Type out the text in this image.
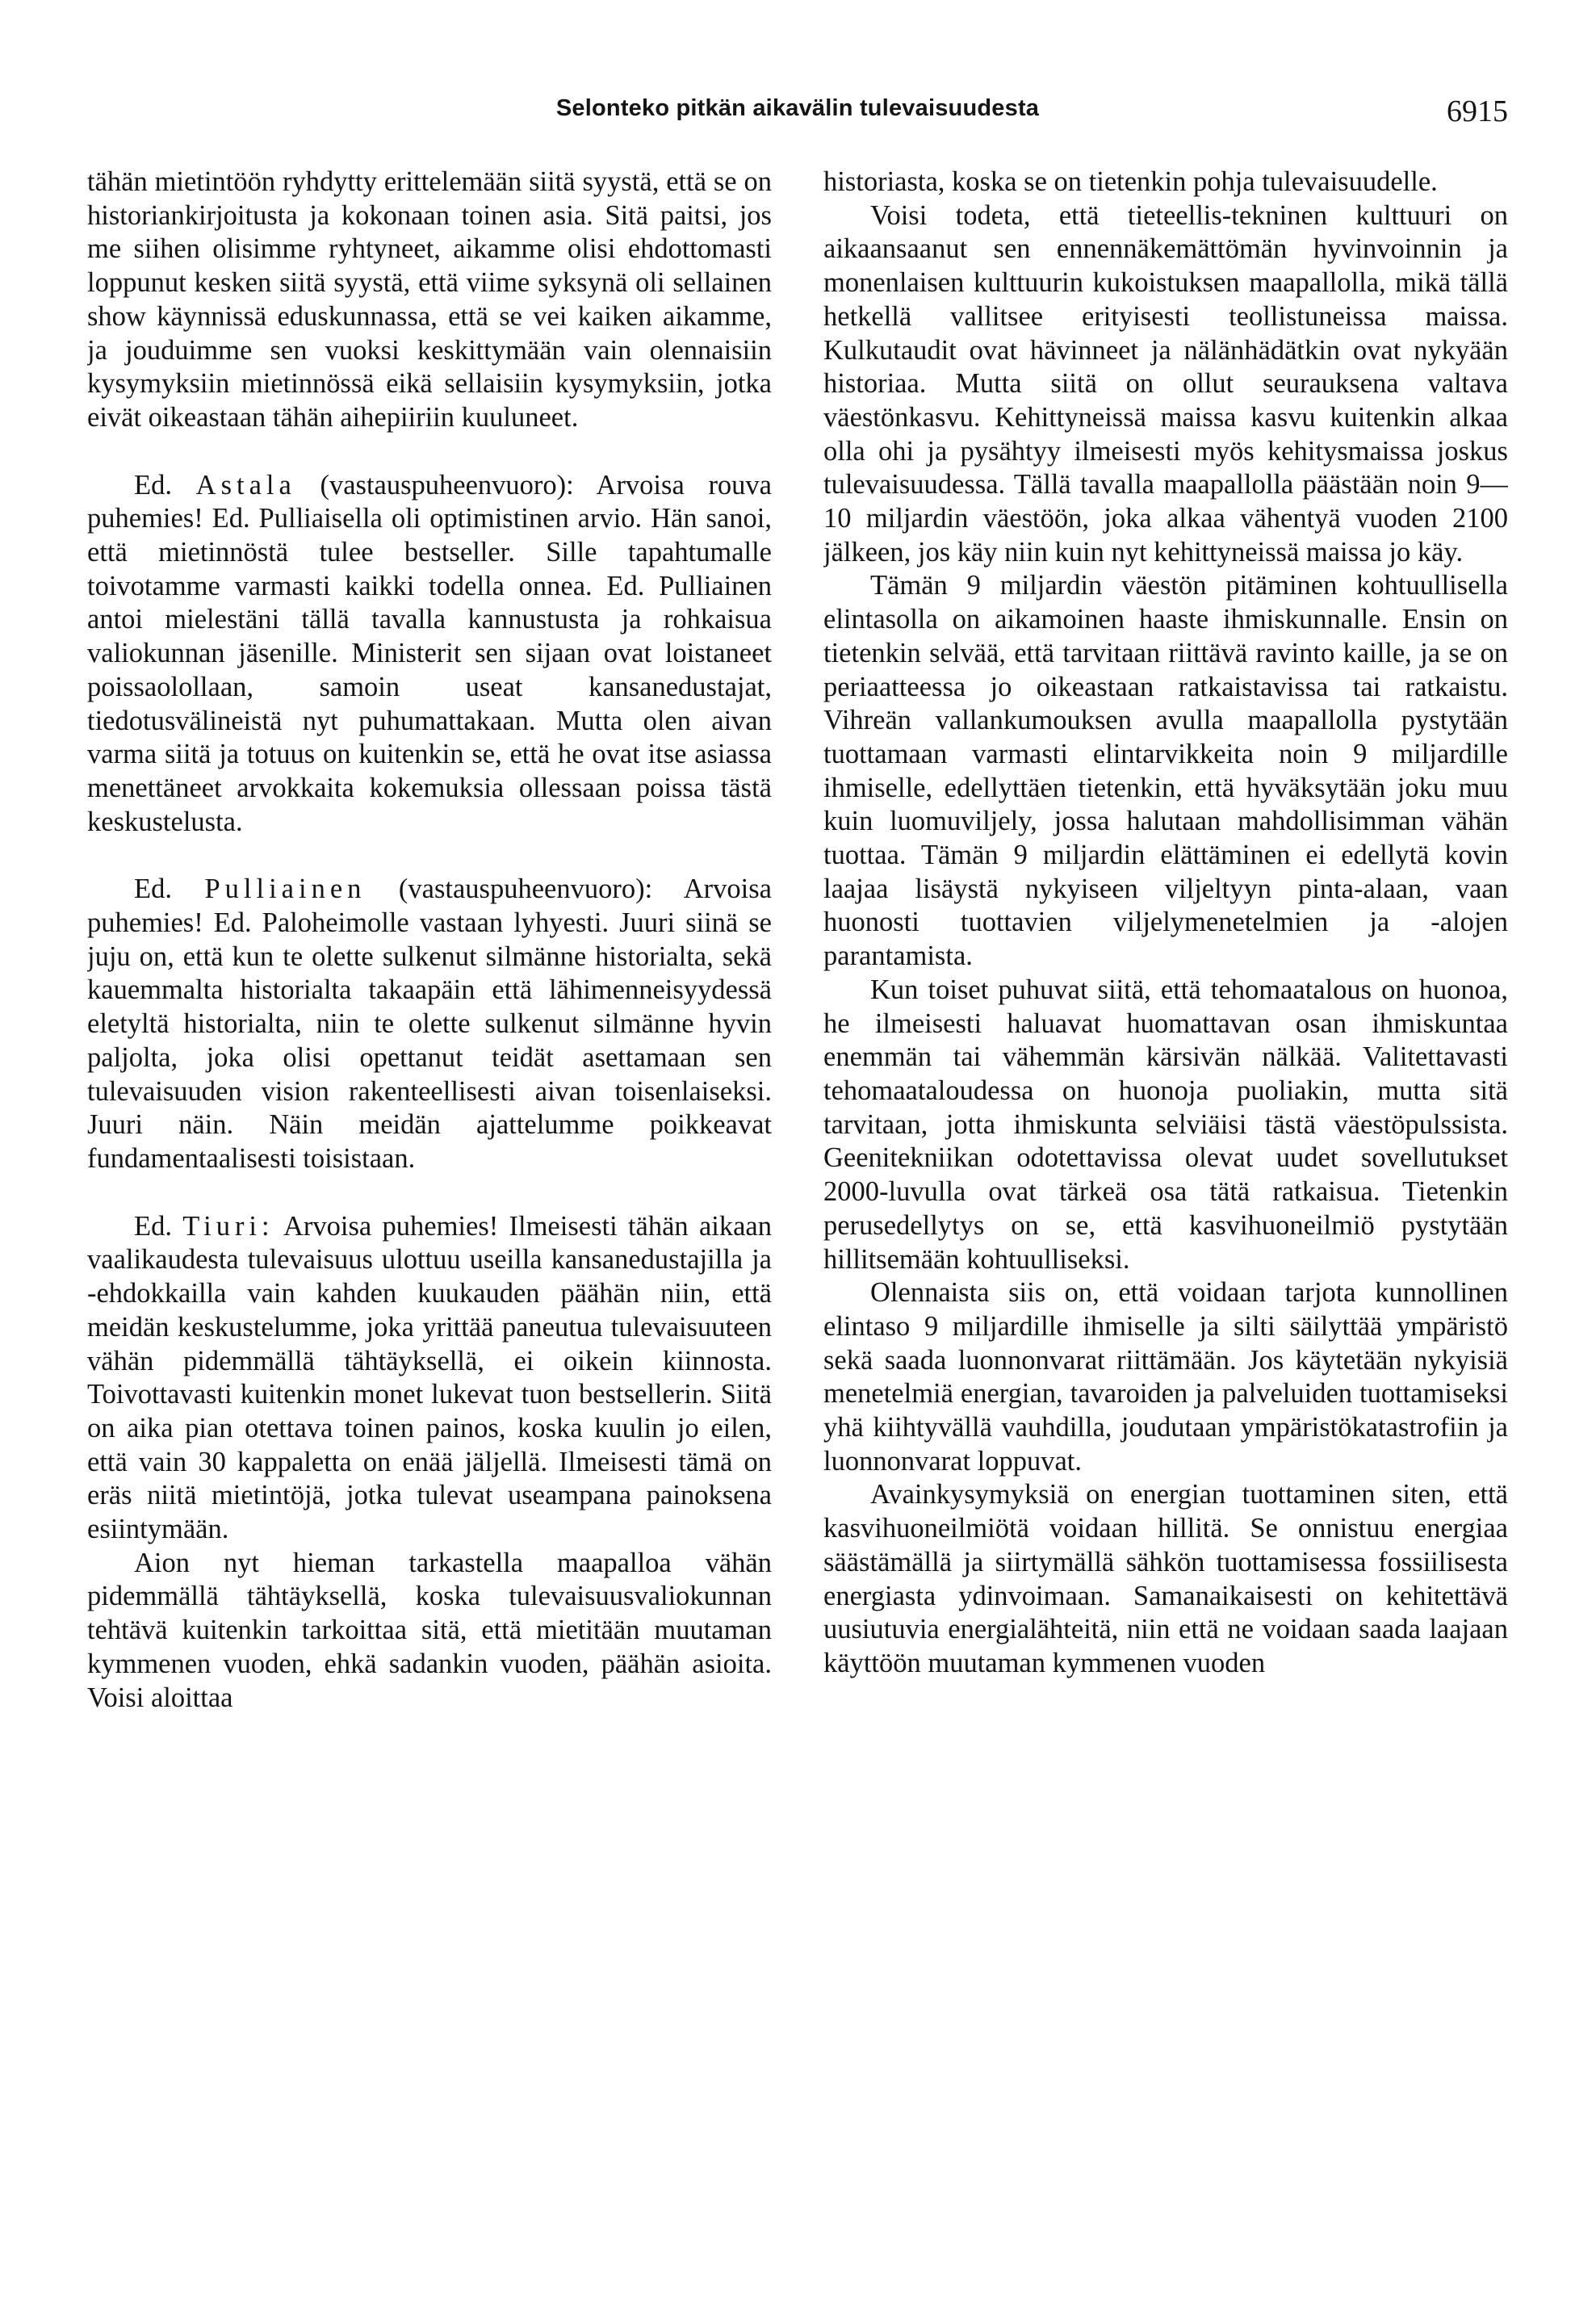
Selonteko pitkän aikavälin tulevaisuudesta	6915

tähän mietintöön ryhdytty erittelemään siitä syystä, että se on historiankirjoitusta ja kokonaan toinen asia. Sitä paitsi, jos me siihen olisimme ryhtyneet, aikamme olisi ehdottomasti loppunut kesken siitä syystä, että viime syksynä oli sellainen show käynnissä eduskunnassa, että se vei kaiken aikamme, ja jouduimme sen vuoksi keskittymään vain olennaisiin kysymyksiin mietinnössä eikä sellaisiin kysymyksiin, jotka eivät oikeastaan tähän aihepiiriin kuuluneet.

Ed. Astala (vastauspuheenvuoro): Arvoisa rouva puhemies! Ed. Pulliaisella oli optimistinen arvio. Hän sanoi, että mietinnöstä tulee bestseller. Sille tapahtumalle toivotamme varmasti kaikki todella onnea. Ed. Pulliainen antoi mielestäni tällä tavalla kannustusta ja rohkaisua valiokunnan jäsenille. Ministerit sen sijaan ovat loistaneet poissaolollaan, samoin useat kansanedustajat, tiedotusvälineistä nyt puhumattakaan. Mutta olen aivan varma siitä ja totuus on kuitenkin se, että he ovat itse asiassa menettäneet arvokkaita kokemuksia ollessaan poissa tästä keskustelusta.

Ed. Pulliainen (vastauspuheenvuoro): Arvoisa puhemies! Ed. Paloheimolle vastaan lyhyesti. Juuri siinä se juju on, että kun te olette sulkenut silmänne historialta, sekä kauemmalta historialta takaapäin että lähimenneisyydessä eletyltä historialta, niin te olette sulkenut silmänne hyvin paljolta, joka olisi opettanut teidät asettamaan sen tulevaisuuden vision rakenteellisesti aivan toisenlaiseksi. Juuri näin. Näin meidän ajattelumme poikkeavat fundamentaalisesti toisistaan.

Ed. Tiuri: Arvoisa puhemies! Ilmeisesti tähän aikaan vaalikaudesta tulevaisuus ulottuu useilla kansanedustajilla ja -ehdokkailla vain kahden kuukauden päähän niin, että meidän keskustelumme, joka yrittää paneutua tulevaisuuteen vähän pidemmällä tähtäyksellä, ei oikein kiinnosta. Toivottavasti kuitenkin monet lukevat tuon bestsellerin. Siitä on aika pian otettava toinen painos, koska kuulin jo eilen, että vain 30 kappaletta on enää jäljellä. Ilmeisesti tämä on eräs niitä mietintöjä, jotka tulevat useampana painoksena esiintymään.

Aion nyt hieman tarkastella maapalloa vähän pidemmällä tähtäyksellä, koska tulevaisuusvaliokunnan tehtävä kuitenkin tarkoittaa sitä, että mietitään muutaman kymmenen vuoden, ehkä sadankin vuoden, päähän asioita. Voisi aloittaa

historiasta, koska se on tietenkin pohja tulevaisuudelle.

Voisi todeta, että tieteellis-tekninen kulttuuri on aikaansaanut sen ennennäkemättömän hyvinvoinnin ja monenlaisen kulttuurin kukoistuksen maapallolla, mikä tällä hetkellä vallitsee erityisesti teollistuneissa maissa. Kulkutaudit ovat hävinneet ja nälänhädätkin ovat nykyään historiaa. Mutta siitä on ollut seurauksena valtava väestönkasvu. Kehittyneissä maissa kasvu kuitenkin alkaa olla ohi ja pysähtyy ilmeisesti myös kehitysmaissa joskus tulevaisuudessa. Tällä tavalla maapallolla päästään noin 9—10 miljardin väestöön, joka alkaa vähentyä vuoden 2100 jälkeen, jos käy niin kuin nyt kehittyneissä maissa jo käy.

Tämän 9 miljardin väestön pitäminen kohtuullisella elintasolla on aikamoinen haaste ihmiskunnalle. Ensin on tietenkin selvää, että tarvitaan riittävä ravinto kaille, ja se on periaatteessa jo oikeastaan ratkaistavissa tai ratkaistu. Vihreän vallankumouksen avulla maapallolla pystytään tuottamaan varmasti elintarvikkeita noin 9 miljardille ihmiselle, edellyttäen tietenkin, että hyväksytään joku muu kuin luomuviljely, jossa halutaan mahdollisimman vähän tuottaa. Tämän 9 miljardin elättäminen ei edellytä kovin laajaa lisäystä nykyiseen viljeltyyn pinta-alaan, vaan huonosti tuottavien viljelymenetelmien ja -alojen parantamista.

Kun toiset puhuvat siitä, että tehomaatalous on huonoa, he ilmeisesti haluavat huomattavan osan ihmiskuntaa enemmän tai vähemmän kärsivän nälkää. Valitettavasti tehomaataloudessa on huonoja puoliakin, mutta sitä tarvitaan, jotta ihmiskunta selviäisi tästä väestöpulssista. Geenitekniikan odotettavissa olevat uudet sovellutukset 2000-luvulla ovat tärkeä osa tätä ratkaisua. Tietenkin perusedellytys on se, että kasvihuoneilmiö pystytään hillitsemään kohtuulliseksi.

Olennaista siis on, että voidaan tarjota kunnollinen elintaso 9 miljardille ihmiselle ja silti säilyttää ympäristö sekä saada luonnonvarat riittämään. Jos käytetään nykyisiä menetelmiä energian, tavaroiden ja palveluiden tuottamiseksi yhä kiihtyvällä vauhdilla, joudutaan ympäristökatastrofiin ja luonnonvarat loppuvat.

Avainkysymyksiä on energian tuottaminen siten, että kasvihuoneilmiötä voidaan hillitä. Se onnistuu energiaa säästämällä ja siirtymällä sähkön tuottamisessa fossiilisesta energiasta ydinvoimaan. Samanaikaisesti on kehitettävä uusiutuvia energialähteitä, niin että ne voidaan saada laajaan käyttöön muutaman kymmenen vuoden
